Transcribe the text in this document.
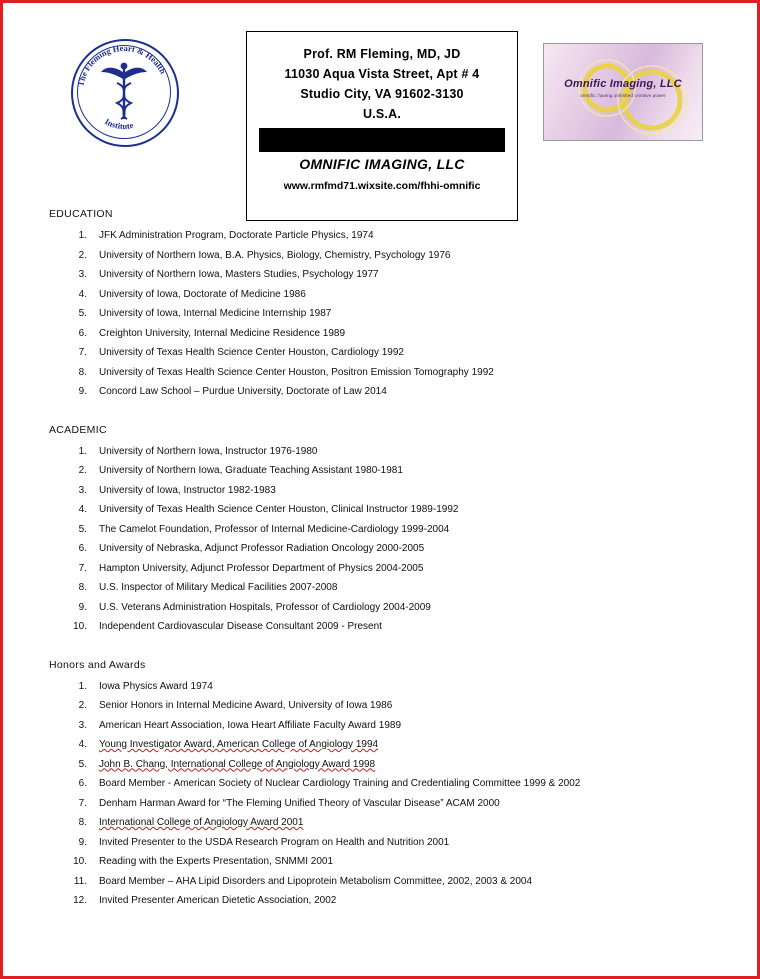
The Fleming Heart & Health
Institute
Prof. RM Fleming, MD, JD
11030 Aqua Vista Street, Apt # 4
Studio City, VA 91602-3130
U.S.A.
OMNIFIC IMAGING, LLC
www.rmfmd71.wixsite.com/fhhi-omnific
Omnific Imaging, LLC
omnific: having unlimited creative power
EDUCATION
1. JFK Administration Program, Doctorate Particle Physics, 1974
2. University of Northern Iowa, B.A. Physics, Biology, Chemistry, Psychology 1976
3. University of Northern Iowa, Masters Studies, Psychology 1977
4. University of Iowa, Doctorate of Medicine 1986
5. University of Iowa, Internal Medicine Internship 1987
6. Creighton University, Internal Medicine Residence 1989
7. University of Texas Health Science Center Houston, Cardiology 1992
8. University of Texas Health Science Center Houston, Positron Emission Tomography 1992
9. Concord Law School – Purdue University, Doctorate of Law 2014
ACADEMIC
1. University of Northern Iowa, Instructor 1976-1980
2. University of Northern Iowa, Graduate Teaching Assistant 1980-1981
3. University of Iowa, Instructor 1982-1983
4. University of Texas Health Science Center Houston, Clinical Instructor 1989-1992
5. The Camelot Foundation, Professor of Internal Medicine-Cardiology 1999-2004
6. University of Nebraska, Adjunct Professor Radiation Oncology 2000-2005
7. Hampton University, Adjunct Professor Department of Physics 2004-2005
8. U.S. Inspector of Military Medical Facilities 2007-2008
9. U.S. Veterans Administration Hospitals, Professor of Cardiology 2004-2009
10. Independent Cardiovascular Disease Consultant 2009 - Present
Honors and Awards
1. Iowa Physics Award 1974
2. Senior Honors in Internal Medicine Award, University of Iowa 1986
3. American Heart Association, Iowa Heart Affiliate Faculty Award 1989
4. Young Investigator Award, American College of Angiology 1994
5. John B. Chang, International College of Angiology Award 1998
6. Board Member - American Society of Nuclear Cardiology Training and Credentialing Committee 1999 & 2002
7. Denham Harman Award for “The Fleming Unified Theory of Vascular Disease” ACAM 2000
8. International College of Angiology Award 2001
9. Invited Presenter to the USDA Research Program on Health and Nutrition 2001
10. Reading with the Experts Presentation, SNMMI 2001
11. Board Member – AHA Lipid Disorders and Lipoprotein Metabolism Committee, 2002, 2003 & 2004
12. Invited Presenter American Dietetic Association, 2002
